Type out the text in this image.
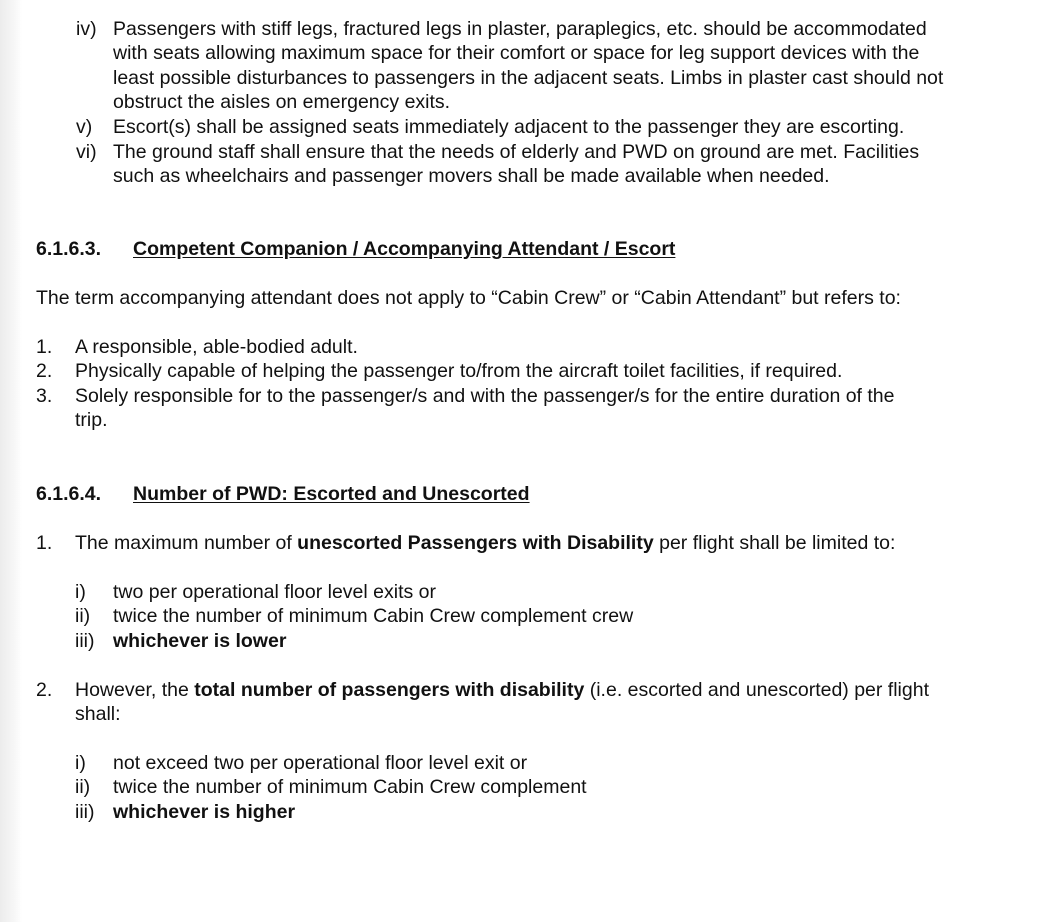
iv) Passengers with stiff legs, fractured legs in plaster, paraplegics, etc. should be accommodated
with seats allowing maximum space for their comfort or space for leg support devices with the
least possible disturbances to passengers in the adjacent seats. Limbs in plaster cast should not
obstruct the aisles on emergency exits.
v) Escort(s) shall be assigned seats immediately adjacent to the passenger they are escorting.
vi) The ground staff shall ensure that the needs of elderly and PWD on ground are met. Facilities
such as wheelchairs and passenger movers shall be made available when needed.
6.1.6.3. Competent Companion / Accompanying Attendant / Escort
The term accompanying attendant does not apply to “Cabin Crew” or “Cabin Attendant” but refers to:
1. A responsible, able-bodied adult.
2. Physically capable of helping the passenger to/from the aircraft toilet facilities, if required.
3. Solely responsible for to the passenger/s and with the passenger/s for the entire duration of the
trip.
6.1.6.4. Number of PWD: Escorted and Unescorted
1. The maximum number of unescorted Passengers with Disability per flight shall be limited to:
i) two per operational floor level exits or
ii) twice the number of minimum Cabin Crew complement crew
iii) whichever is lower
2. However, the total number of passengers with disability (i.e. escorted and unescorted) per flight
shall:
i) not exceed two per operational floor level exit or
ii) twice the number of minimum Cabin Crew complement
iii) whichever is higher
